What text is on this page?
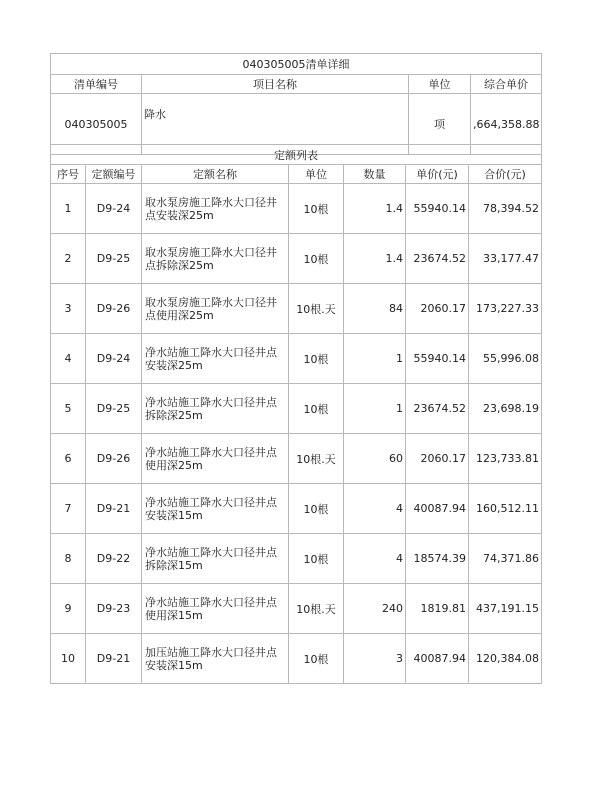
040305005清单详细			
清单编号	项目名称	单位	综合单价
040305005	降水	项	,664,358.88
定额列表						
序号	定额编号	定额名称	单位	数量	单价(元)	合价(元)
1	D9-24	取水泵房施工降水大口径井点安装深25m	10根	1.4	55940.14	78,394.52
2	D9-25	取水泵房施工降水大口径井点拆除深25m	10根	1.4	23674.52	33,177.47
3	D9-26	取水泵房施工降水大口径井点使用深25m	10根.天	84	2060.17	173,227.33
4	D9-24	净水站施工降水大口径井点安装深25m	10根	1	55940.14	55,996.08
5	D9-25	净水站施工降水大口径井点拆除深25m	10根	1	23674.52	23,698.19
6	D9-26	净水站施工降水大口径井点使用深25m	10根.天	60	2060.17	123,733.81
7	D9-21	净水站施工降水大口径井点安装深15m	10根	4	40087.94	160,512.11
8	D9-22	净水站施工降水大口径井点拆除深15m	10根	4	18574.39	74,371.86
9	D9-23	净水站施工降水大口径井点使用深15m	10根.天	240	1819.81	437,191.15
10	D9-21	加压站施工降水大口径井点安装深15m	10根	3	40087.94	120,384.08
